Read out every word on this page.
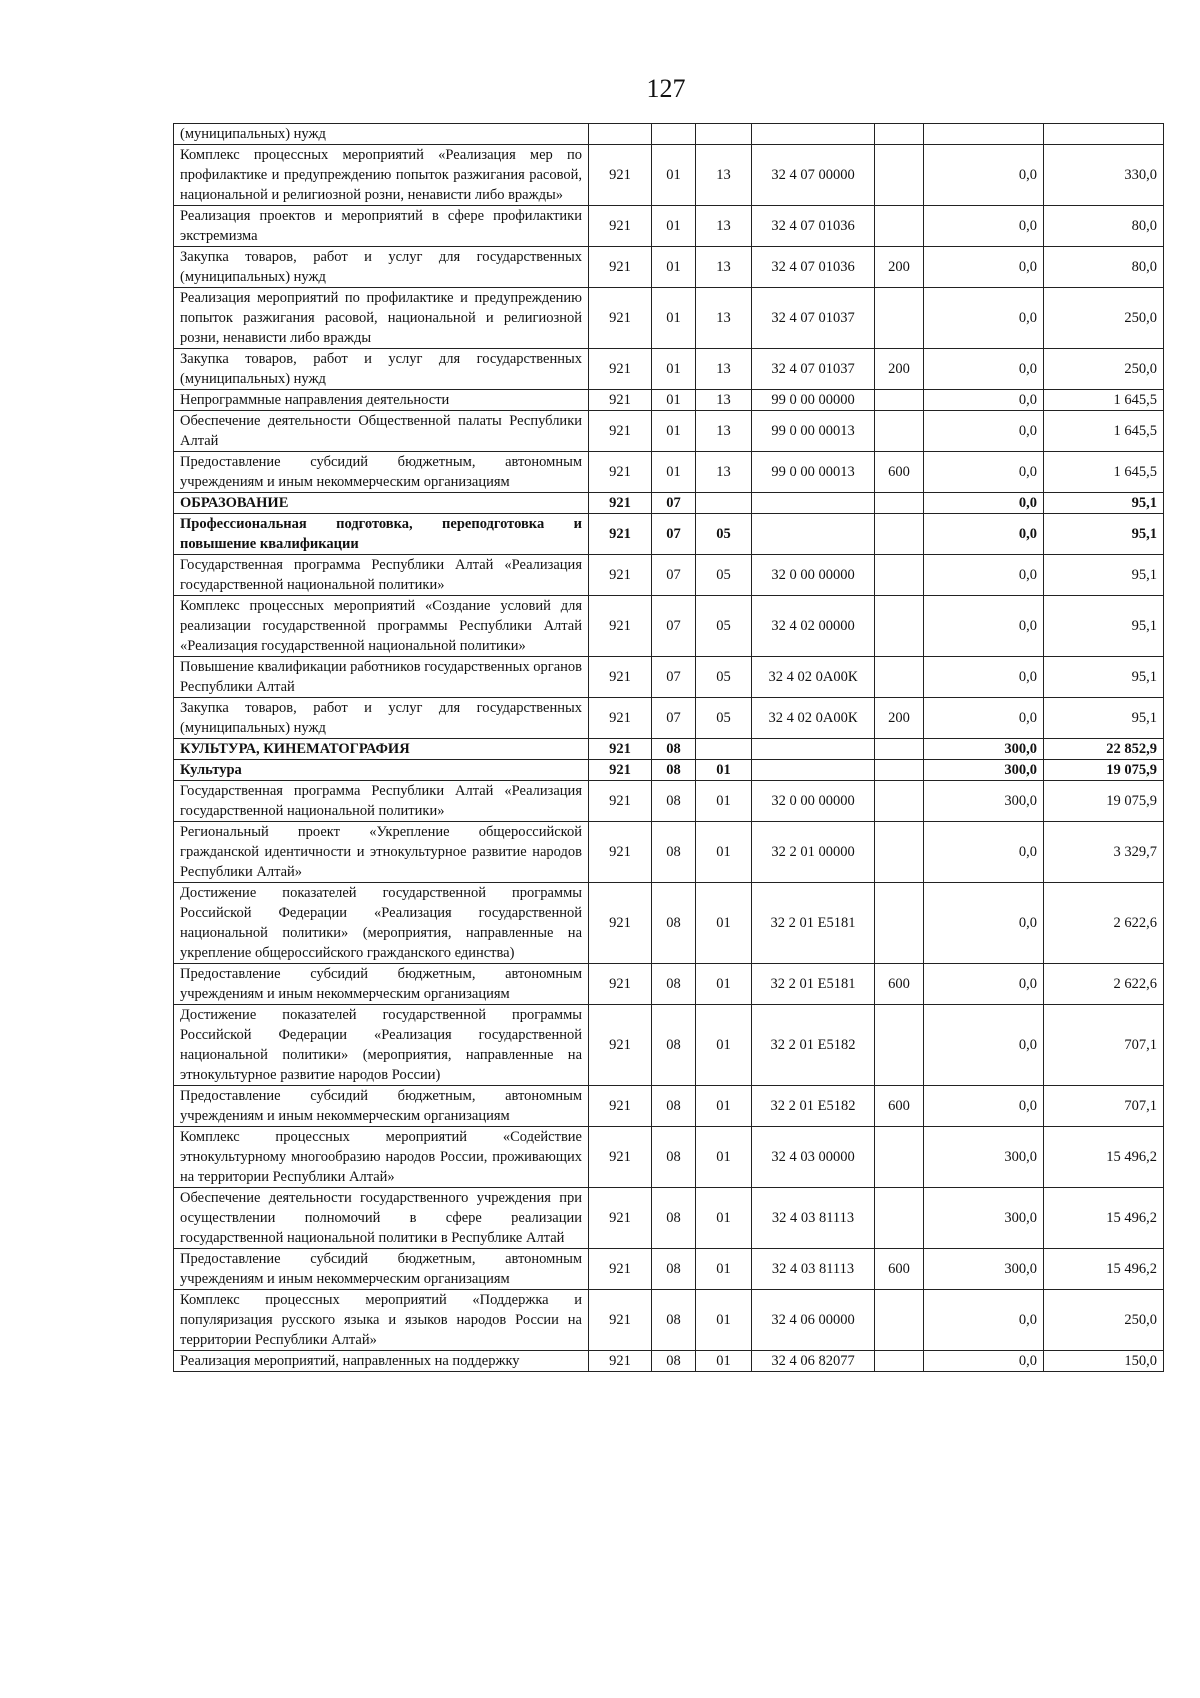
127
(муниципальных) нужд							
Комплекс процессных мероприятий «Реализация мер по профилактике и предупреждению попыток разжигания расовой, национальной и религиозной розни, ненависти либо вражды»	921	01	13	32 4 07 00000		0,0	330,0
Реализация проектов и мероприятий в сфере профилактики экстремизма	921	01	13	32 4 07 01036		0,0	80,0
Закупка товаров, работ и услуг для государственных (муниципальных) нужд	921	01	13	32 4 07 01036	200	0,0	80,0
Реализация мероприятий по профилактике и предупреждению попыток разжигания расовой, национальной и религиозной розни, ненависти либо вражды	921	01	13	32 4 07 01037		0,0	250,0
Закупка товаров, работ и услуг для государственных (муниципальных) нужд	921	01	13	32 4 07 01037	200	0,0	250,0
Непрограммные направления деятельности	921	01	13	99 0 00 00000		0,0	1 645,5
Обеспечение деятельности Общественной палаты Республики Алтай	921	01	13	99 0 00 00013		0,0	1 645,5
Предоставление субсидий бюджетным, автономным учреждениям и иным некоммерческим организациям	921	01	13	99 0 00 00013	600	0,0	1 645,5
ОБРАЗОВАНИЕ	921	07				0,0	95,1
Профессиональная подготовка, переподготовка и повышение квалификации	921	07	05			0,0	95,1
Государственная программа Республики Алтай «Реализация государственной национальной политики»	921	07	05	32 0 00 00000		0,0	95,1
Комплекс процессных мероприятий «Создание условий для реализации государственной программы Республики Алтай «Реализация государственной национальной политики»	921	07	05	32 4 02 00000		0,0	95,1
Повышение квалификации работников государственных органов Республики Алтай	921	07	05	32 4 02 0А00К		0,0	95,1
Закупка товаров, работ и услуг для государственных (муниципальных) нужд	921	07	05	32 4 02 0А00К	200	0,0	95,1
КУЛЬТУРА, КИНЕМАТОГРАФИЯ	921	08				300,0	22 852,9
Культура	921	08	01			300,0	19 075,9
Государственная программа Республики Алтай «Реализация государственной национальной политики»	921	08	01	32 0 00 00000		300,0	19 075,9
Региональный проект «Укрепление общероссийской гражданской идентичности и этнокультурное развитие народов Республики Алтай»	921	08	01	32 2 01 00000		0,0	3 329,7
Достижение показателей государственной программы Российской Федерации «Реализация государственной национальной политики» (мероприятия, направленные на укрепление общероссийского гражданского единства)	921	08	01	32 2 01 Е5181		0,0	2 622,6
Предоставление субсидий бюджетным, автономным учреждениям и иным некоммерческим организациям	921	08	01	32 2 01 Е5181	600	0,0	2 622,6
Достижение показателей государственной программы Российской Федерации «Реализация государственной национальной политики» (мероприятия, направленные на этнокультурное развитие народов России)	921	08	01	32 2 01 Е5182		0,0	707,1
Предоставление субсидий бюджетным, автономным учреждениям и иным некоммерческим организациям	921	08	01	32 2 01 Е5182	600	0,0	707,1
Комплекс процессных мероприятий «Содействие этнокультурному многообразию народов России, проживающих на территории Республики Алтай»	921	08	01	32 4 03 00000		300,0	15 496,2
Обеспечение деятельности государственного учреждения при осуществлении полномочий в сфере реализации государственной национальной политики в Республике Алтай	921	08	01	32 4 03 81113		300,0	15 496,2
Предоставление субсидий бюджетным, автономным учреждениям и иным некоммерческим организациям	921	08	01	32 4 03 81113	600	300,0	15 496,2
Комплекс процессных мероприятий «Поддержка и популяризация русского языка и языков народов России на территории Республики Алтай»	921	08	01	32 4 06 00000		0,0	250,0
Реализация мероприятий, направленных на поддержку	921	08	01	32 4 06 82077		0,0	150,0
